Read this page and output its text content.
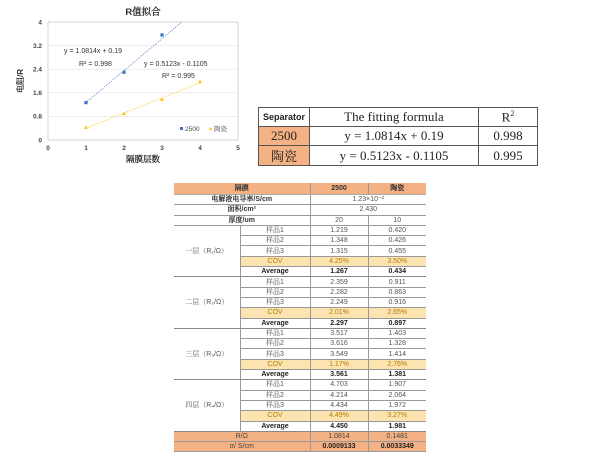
R值拟合
0
0.8
1.6
2.4
3.2
4
0	1	2	3	4	5
隔膜层数
电阻/R
y = 1.0814x + 0.19
R² = 0.998	y = 0.5123x - 0.1105
R² = 0.995
2500 陶瓷
Separator	The fitting formula	$R^2$
2500	y = 1.0814x + 0.19	0.998
陶瓷	y = 0.5123x - 0.1105	0.995
隔膜		2500	陶瓷
电解液电导率/S/cm		1.23×10⁻²	
面积/cm²		2.430	
厚度/um		20	10
一层（R₁/Ω）	样品1	1.219	0.420
	样品2	1.348	0.426
	样品3	1.315	0.455
	COV	4.25%	3.50%
	Average	1.267	0.434
二层（R₂/Ω）	样品1	2.359	0.911
	样品2	2.282	0.863
	样品3	2.249	0.916
	COV	2.01%	2.65%
	Average	2.297	0.897
三层（R₃/Ω）	样品1	3.517	1.403
	样品2	3.616	1.328
	样品3	3.549	1.414
	COV	1.17%	2.76%
	Average	3.561	1.381
四层（R₄/Ω）	样品1	4.703	1.907
	样品2	4.214	2.064
	样品3	4.434	1.972
	COV	4.49%	3.27%
	Average	4.450	1.981
R/Ω		1.0814	0.1481
σ/ S/cm		0.0009133	0.0033349
